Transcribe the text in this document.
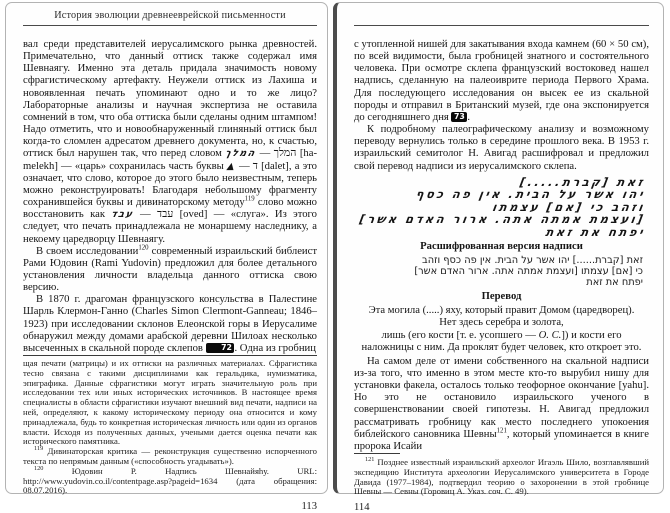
История эволюции древнееврейской письменности

вал среди представителей иерусалимского рынка древностей. Примечательно, что данный оттиск также содержал имя Шевнаягу. Именно эта деталь придала значимость новому сфрагистическому артефакту. Неужели оттиск из Лахиша и новоявленная печать упоминают одно и то же лицо? Лабораторные анализы и научная экспертиза не оставила сомнений в том, что оба оттиска были сделаны одним штампом! Надо отметить, что и новообнаруженный глиняный оттиск был когда-то сломлен адресатом древнего документа, но, к счастью, оттиск был нарушен так, что перед словом המלך — המלך [ha-melekh] — «царь» сохранилась часть буквы ▲ — ד [dalet], а это означает, что слово, которое до этого было неизвестным, теперь можно реконструировать! Благодаря небольшому фрагменту сохранившейся буквы и дивинаторскому методу$^{119}$ слово можно восстановить как עבד — עבד [oved] — «слуга». Из этого следует, что печать принадлежала не монаршему наследнику, а некоему царедворцу Шевнаягу.

В своем исследовании$^{120}$ современный израильский библеист Рами Юдовин (Rami Yudovin) предложил для более детального установления личности владельца данного оттиска свою версию.

В 1870 г. драгоман французского консульства в Палестине Шарль Клермон-Ганно (Charles Simon Clermont-Ganneau; 1846–1923) при исследовании склонов Елеонской горы в Иерусалиме обнаружил между домами арабской деревни Шилоах несколько высеченных в скальной породе склепов 72 . Одна из гробниц

щая печати (матрицы) и их оттиски на различных материалах. Сфрагистика тесно связана с такими дисциплинами как геральдика, нумизматика, эпиграфика. Данные сфрагистики могут играть значительную роль при исследовании тех или иных исторических источников. В настоящее время специалисты в области сфрагистики изучают внешний вид печати, надписи на ней, определяют, к какому историческому периоду она относится и кому принадлежала, будь то конкретная историческая личность или один из органов власти. Исходя из полученных данных, учеными дается оценка печати как исторического памятника.

$^{119}$ Дивинаторская критика — реконструкция существенно испорченного текста по непрямым данным («способность угадывать»).

$^{120}$ Юдовин Р. Надпись Шевнайяhу. URL: http://www.yudovin.co.il/contentpage.asp?pageid=1634 (дата обращения: 08.07.2016).

113

с утопленной нишей для закатывания входа камнем (60 × 50 см), по всей видимости, была гробницей знатного и состоятельного человека. При осмотре склепа французский востоковед нашел надпись, сделанную на палеоиврите периода Первого Храма. Для последующего исследования он высек ее из скальной породы и отправил в Британский музей, где она экспонируется до сегодняшнего дня 73 .

К подробному палеографическому анализу и возможному переводу вернулись только в середине прошлого века. В 1953 г. израильский семитолог Н. Авигад расшифровал и предложил свой перевод надписи из иерусалимского склепа.

זאת [קברת.....]
יהו אשר על הבית. אין פה כסף
וזהב כי [אם] עצמתו
[ועצמת אמתה אתה. ארור האדם אשר]
יפתח את זאת
Расшифрованная версия надписи
זאת [קברת......] יהו אשר על הבית. אין פה כסף וזהב
כי [אם] עצמתו [ועצמת אמתה אתה. ארור האדם אשר]
יפתח את זאת
Перевод
Эта могила (.....) яху, который правит Домом (царедворец).
Нет здесь серебра и золота,
лишь (его кости [т. е. усопшего — О. С.]) и кости его наложницы с ним. Да проклят будет человек, кто откроет это.

На самом деле от имени собственного на скальной надписи из-за того, что именно в этом месте кто-то вырубил нишу для установки факела, осталось только теофорное окончание [yahu]. Но это не остановило израильского ученого в совершенствовании своей гипотезы. Н. Авигад предложил рассматривать гробницу как место последнего упокоения библейского сановника Шевны$^{121}$, который упоминается в книге пророка Исайи

$^{121}$ Позднее известный израильский археолог Игаэль Шило, возглавлявший экспедицию Института археологии Иерусалимского университета в Городе Давида (1977–1984), подтвердил теорию о захоронении в этой гробнице Шевны — Севны (Горовиц А. Указ. соч. С. 49).

114
